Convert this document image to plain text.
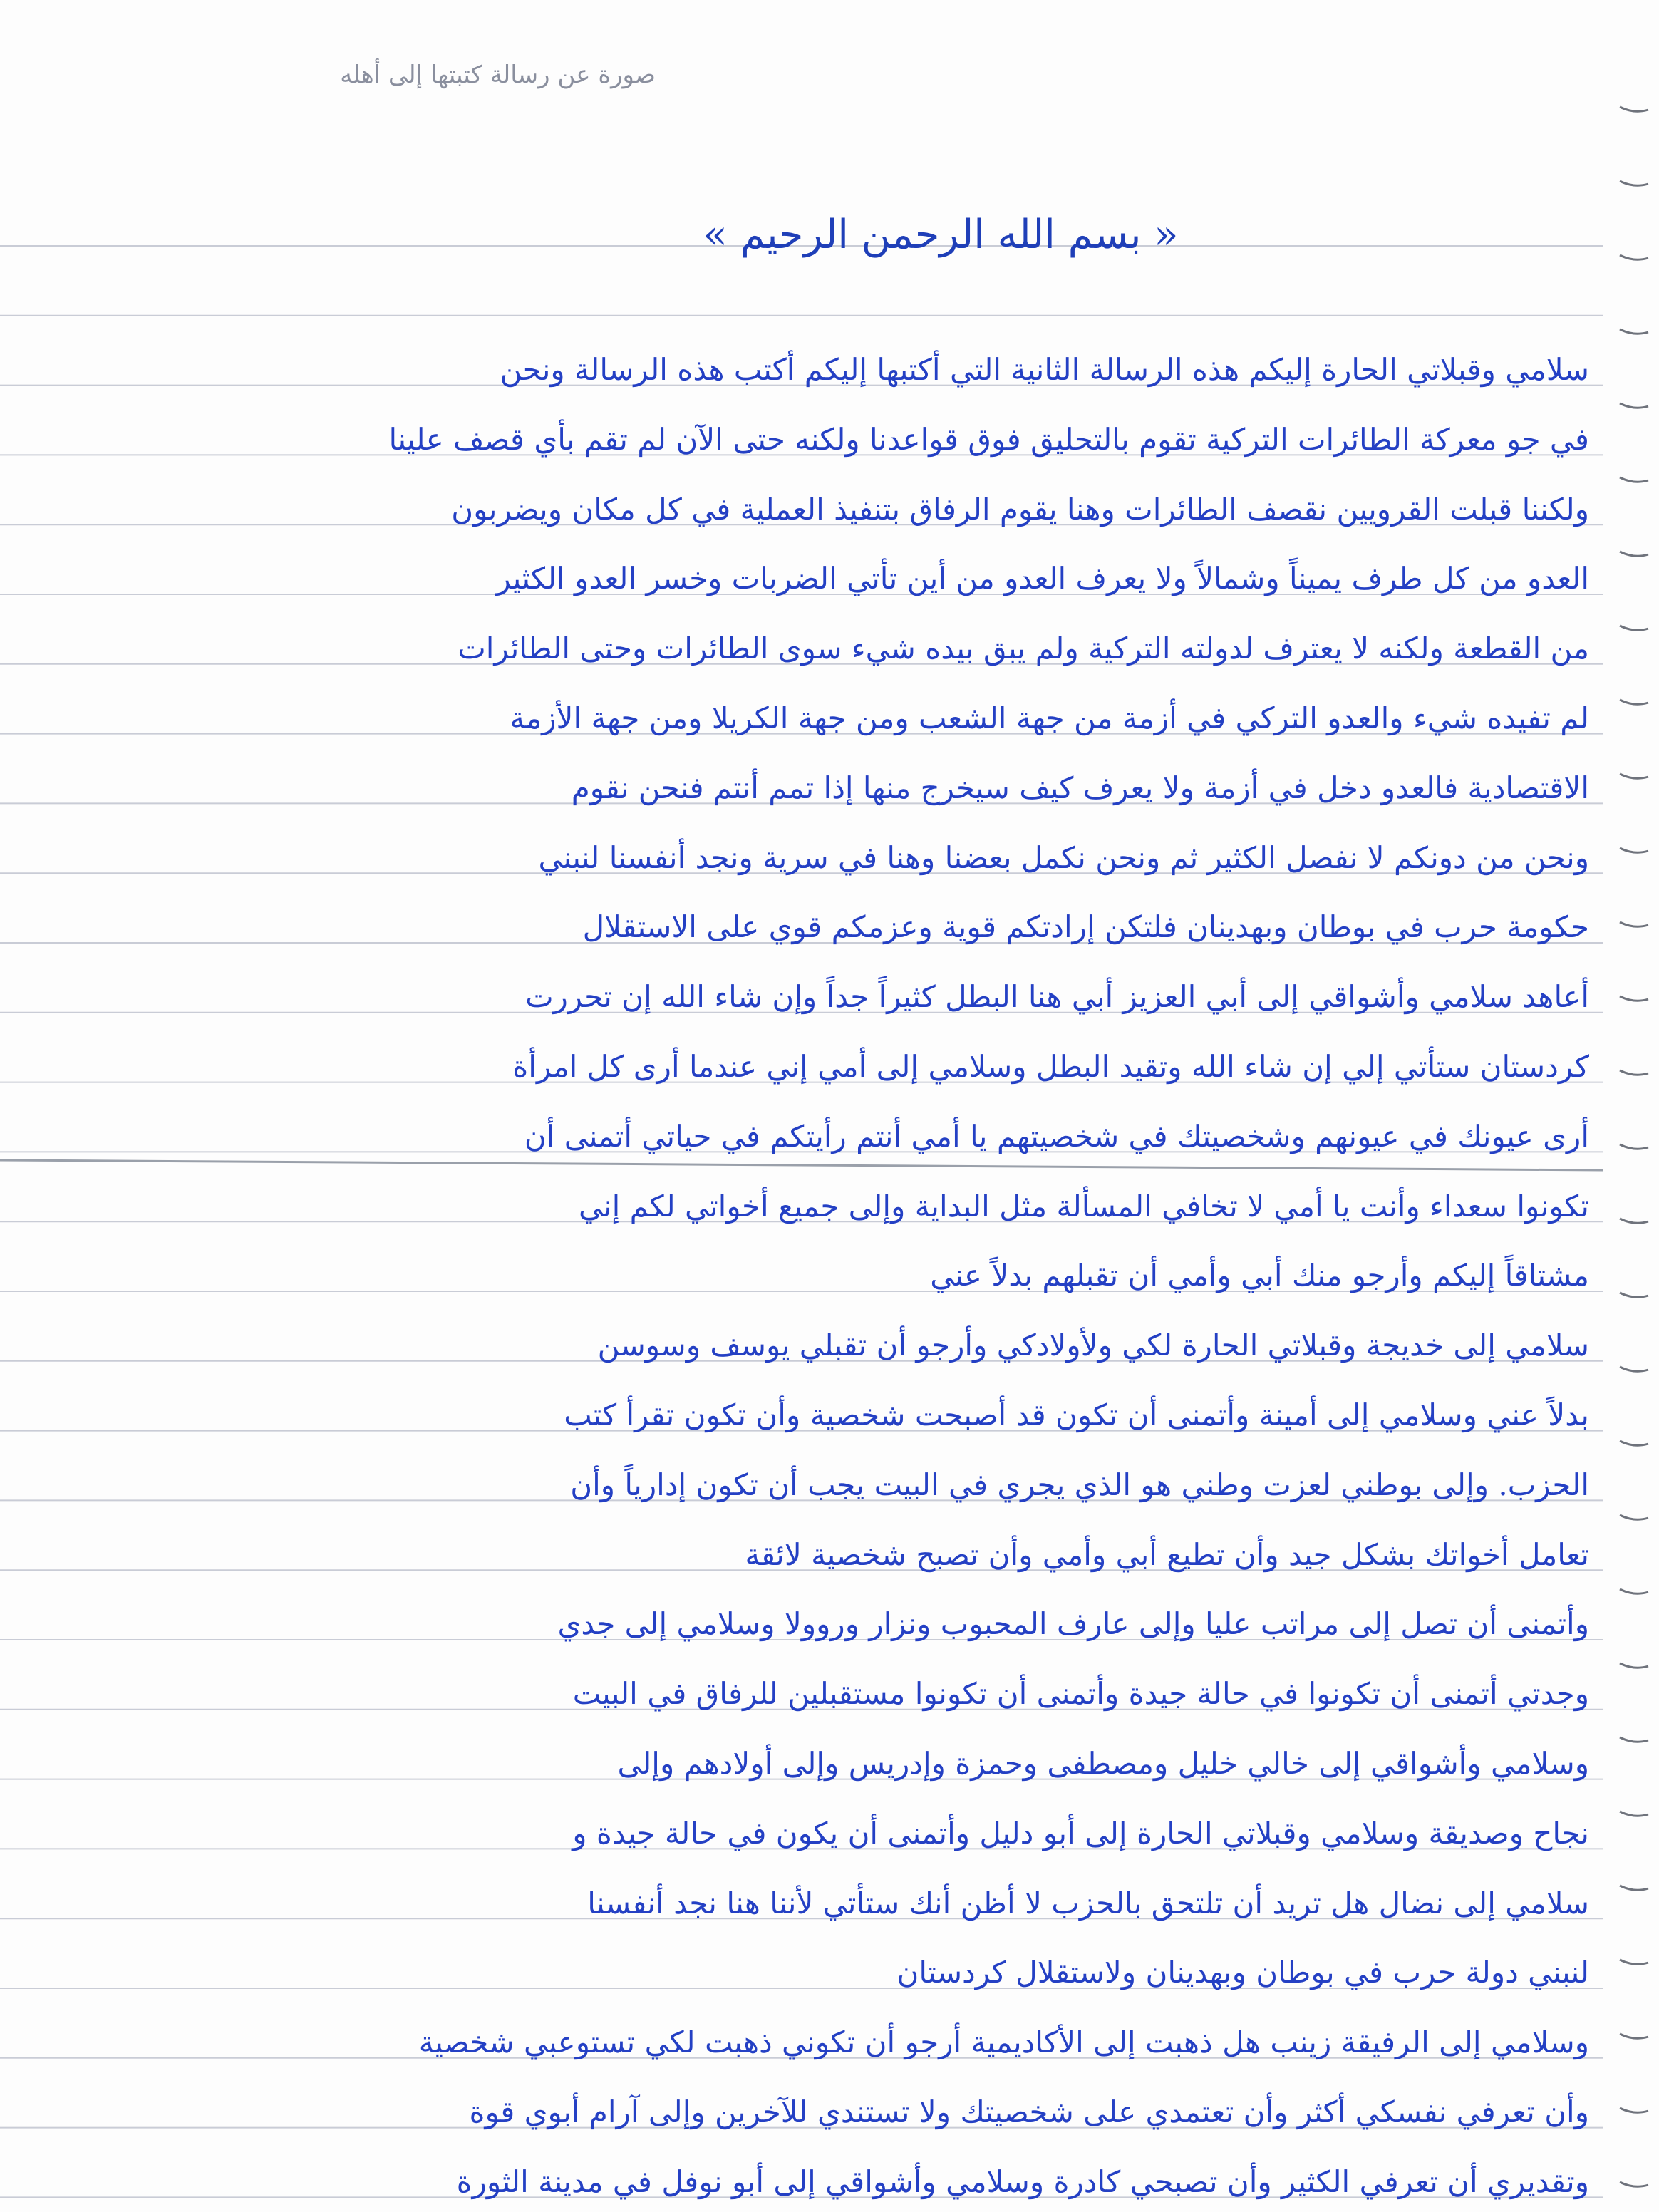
صورة عن رسالة كتبتها إلى أهله
« بسم الله الرحمن الرحيم »
سلامي وقبلاتي الحارة إليكم هذه الرسالة الثانية التي أكتبها إليكم أكتب هذه الرسالة ونحن
في جو معركة الطائرات التركية تقوم بالتحليق فوق قواعدنا ولكنه حتى الآن لم تقم بأي قصف علينا
ولكننا قبلت القرويين نقصف الطائرات وهنا يقوم الرفاق بتنفيذ العملية في كل مكان ويضربون
العدو من كل طرف يميناً وشمالاً ولا يعرف العدو من أين تأتي الضربات وخسر العدو الكثير
من القطعة ولكنه لا يعترف لدولته التركية ولم يبق بيده شيء سوى الطائرات وحتى الطائرات
لم تفيده شيء والعدو التركي في أزمة من جهة الشعب ومن جهة الكريلا ومن جهة الأزمة
الاقتصادية فالعدو دخل في أزمة ولا يعرف كيف سيخرج منها إذا تمم أنتم فنحن نقوم
ونحن من دونكم لا نفصل الكثير ثم ونحن نكمل بعضنا وهنا في سرية ونجد أنفسنا لنبني
حكومة حرب في بوطان وبهدينان فلتكن إرادتكم قوية وعزمكم قوي على الاستقلال
أعاهد سلامي وأشواقي إلى أبي العزيز أبي هنا البطل كثيراً جداً وإن شاء الله إن تحررت
كردستان ستأتي إلي إن شاء الله وتقيد البطل وسلامي إلى أمي إني عندما أرى كل امرأة
أرى عيونك في عيونهم وشخصيتك في شخصيتهم يا أمي أنتم رأيتكم في حياتي أتمنى أن
تكونوا سعداء وأنت يا أمي لا تخافي المسألة مثل البداية وإلى جميع أخواتي لكم إني
مشتاقاً إليكم وأرجو منك أبي وأمي أن تقبلهم بدلاً عني
سلامي إلى خديجة وقبلاتي الحارة لكي ولأولادكي وأرجو أن تقبلي يوسف وسوسن
بدلاً عني وسلامي إلى أمينة وأتمنى أن تكون قد أصبحت شخصية وأن تكون تقرأ كتب
الحزب. وإلى بوطني لعزت وطني هو الذي يجري في البيت يجب أن تكون إدارياً وأن
تعامل أخواتك بشكل جيد وأن تطيع أبي وأمي وأن تصبح شخصية لائقة
وأتمنى أن تصل إلى مراتب عليا وإلى عارف المحبوب ونزار وروولا وسلامي إلى جدي
وجدتي أتمنى أن تكونوا في حالة جيدة وأتمنى أن تكونوا مستقبلين للرفاق في البيت
وسلامي وأشواقي إلى خالي خليل ومصطفى وحمزة وإدريس وإلى أولادهم وإلى
نجاح وصديقة وسلامي وقبلاتي الحارة إلى أبو دليل وأتمنى أن يكون في حالة جيدة و
سلامي إلى نضال هل تريد أن تلتحق بالحزب لا أظن أنك ستأتي لأننا هنا نجد أنفسنا
لنبني دولة حرب في بوطان وبهدينان ولاستقلال كردستان
وسلامي إلى الرفيقة زينب هل ذهبت إلى الأكاديمية أرجو أن تكوني ذهبت لكي تستوعبي شخصية
وأن تعرفي نفسكي أكثر وأن تعتمدي على شخصيتك ولا تستندي للآخرين وإلى آرام أبوي قوة
وتقديري أن تعرفي الكثير وأن تصبحي كادرة وسلامي وأشواقي إلى أبو نوفل في مدينة الثورة
